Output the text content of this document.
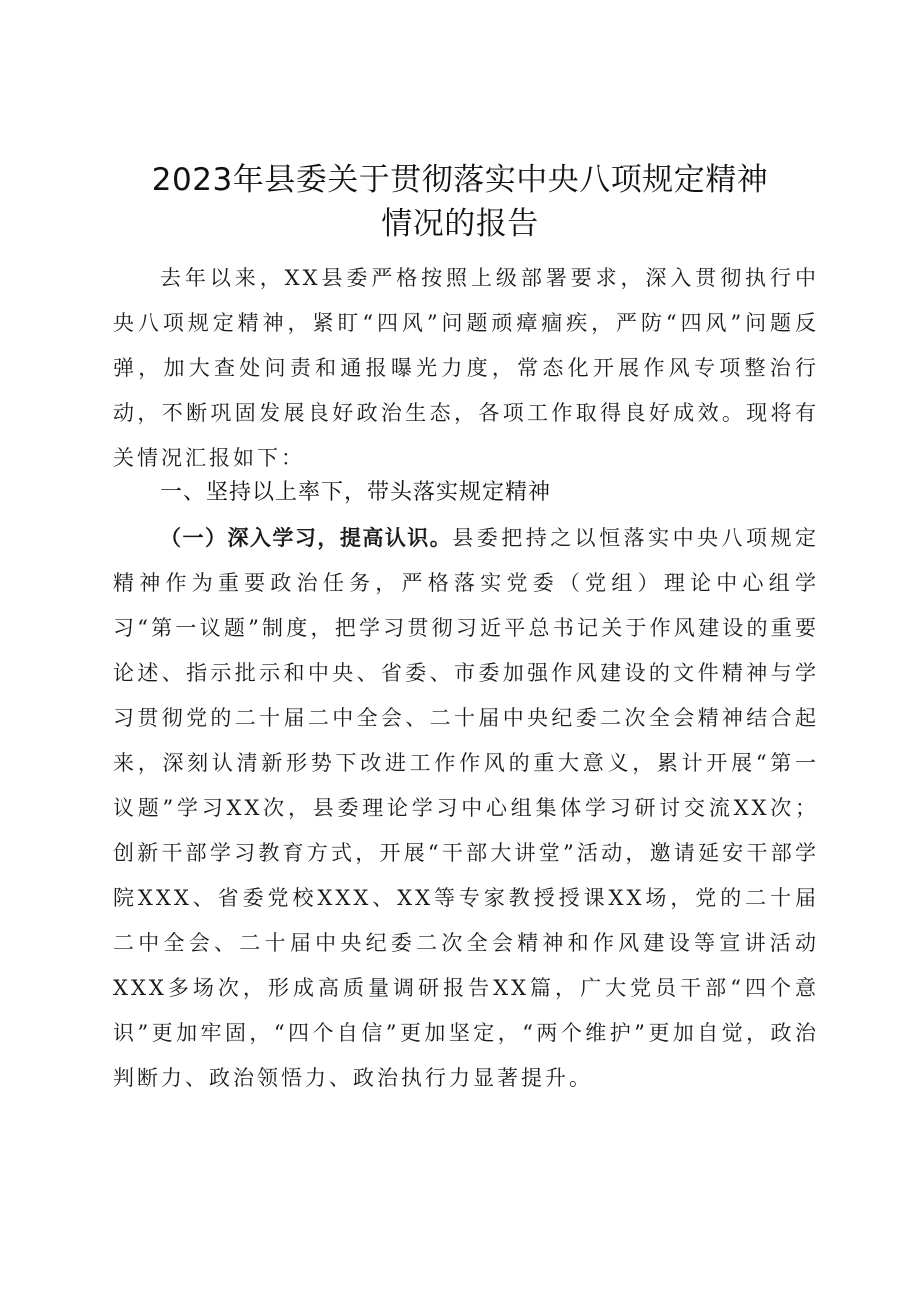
2023年县委关于贯彻落实中央八项规定精神
情况的报告

去年以来，XX县委严格按照上级部署要求，深入贯彻执行中央八项规定精神，紧盯“四风”问题顽瘴痼疾，严防“四风”问题反弹，加大查处问责和通报曝光力度，常态化开展作风专项整治行动，不断巩固发展良好政治生态，各项工作取得良好成效。现将有关情况汇报如下：

一、坚持以上率下，带头落实规定精神

（一）深入学习，提高认识。县委把持之以恒落实中央八项规定精神作为重要政治任务，严格落实党委（党组）理论中心组学习“第一议题”制度，把学习贯彻习近平总书记关于作风建设的重要论述、指示批示和中央、省委、市委加强作风建设的文件精神与学习贯彻党的二十届二中全会、二十届中央纪委二次全会精神结合起来，深刻认清新形势下改进工作作风的重大意义，累计开展“第一议题”学习XX次，县委理论学习中心组集体学习研讨交流XX次；创新干部学习教育方式，开展“干部大讲堂”活动，邀请延安干部学院XXX、省委党校XXX、XX等专家教授授课XX场，党的二十届二中全会、二十届中央纪委二次全会精神和作风建设等宣讲活动XXX多场次，形成高质量调研报告XX篇，广大党员干部“四个意识”更加牢固，“四个自信”更加坚定，“两个维护”更加自觉，政治判断力、政治领悟力、政治执行力显著提升。
